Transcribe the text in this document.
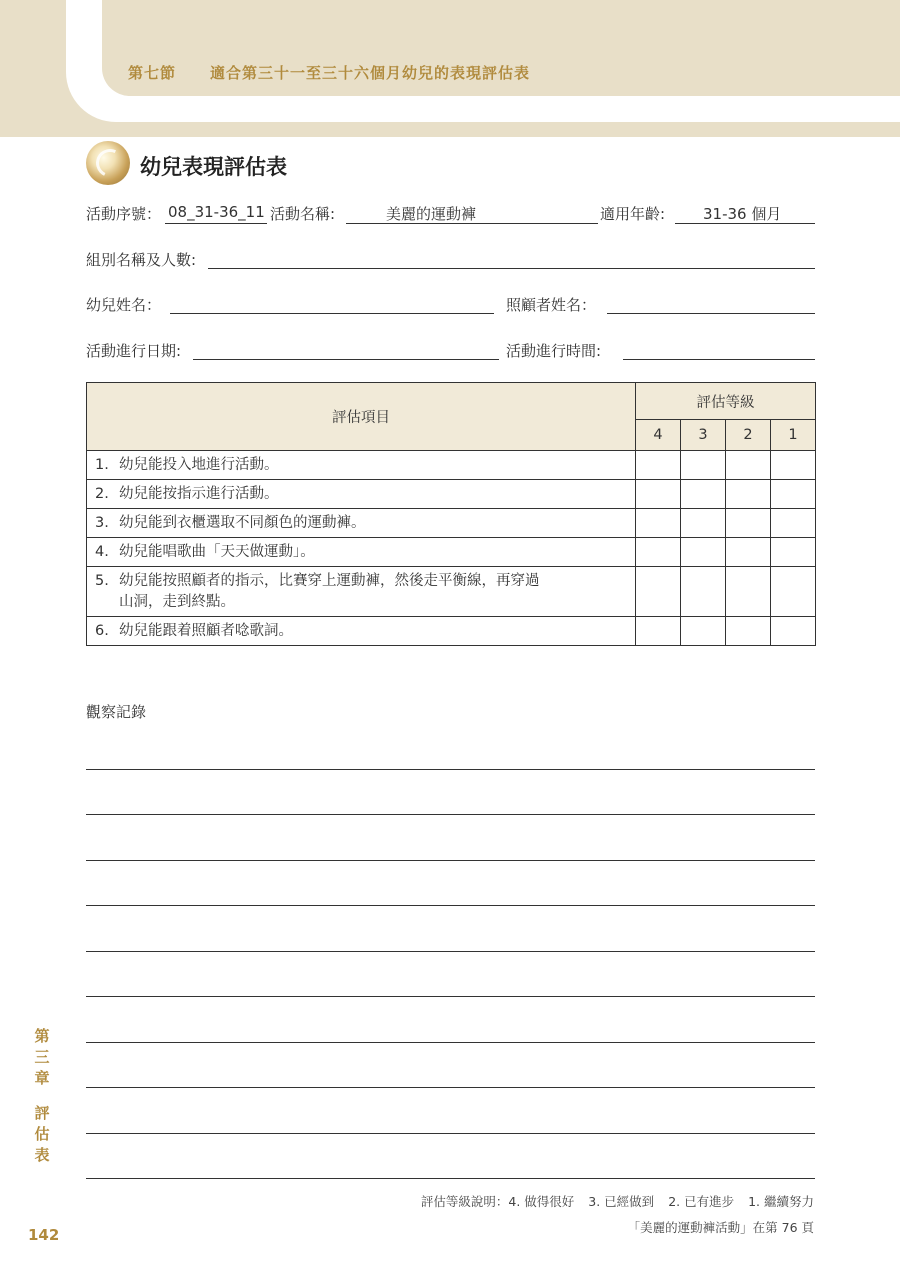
第七節 適合第三十一至三十六個月幼兒的表現評估表
幼兒表現評估表
活動序號： 08_31-36_11 活動名稱:	美麗的運動褲	適用年齡:	31-36 個月
組別名稱及人數:
幼兒姓名：	照顧者姓名：
活動進行日期:	活動進行時間:
評估項目	評估等級			
	4	3	2	1
1. 幼兒能投入地進行活動。				
2. 幼兒能按指示進行活動。				
3. 幼兒能到衣櫃選取不同顏色的運動褲。				
4. 幼兒能唱歌曲「天天做運動」。				
5. 幼兒能按照顧者的指示，比賽穿上運動褲，然後走平衡線，再穿過
山洞，走到終點。				

6. 幼兒能跟着照顧者唸歌詞。				
觀察記錄
第
三
章
評
估
表
142
評估等級說明：4. 做得很好 3. 已經做到 2. 已有進步 1. 繼續努力
「美麗的運動褲活動」在第 76 頁
